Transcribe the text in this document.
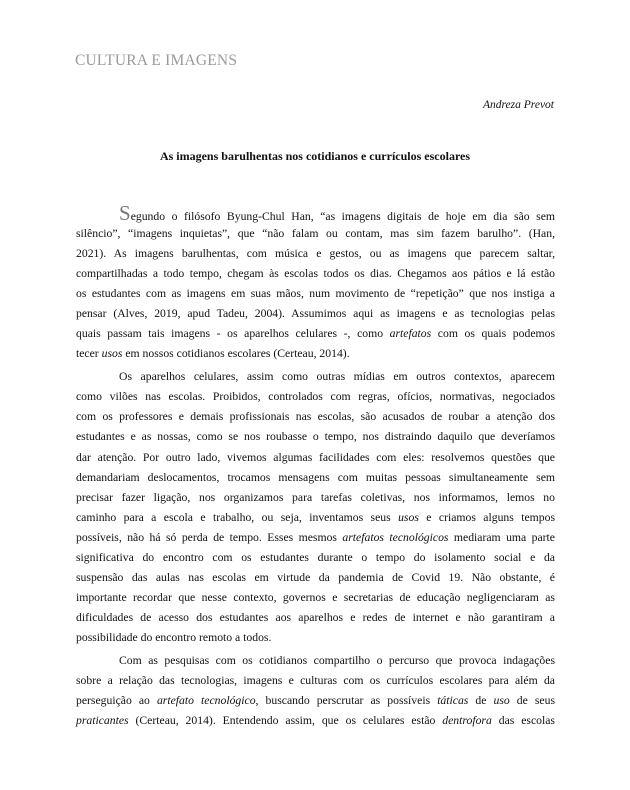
CULTURA E IMAGENS
Andreza Prevot
As imagens barulhentas nos cotidianos e currículos escolares
Segundo o filósofo Byung-Chul Han, “as imagens digitais de hoje em dia são sem
silêncio”, “imagens inquietas”, que “não falam ou contam, mas sim fazem barulho”. (Han,
2021). As imagens barulhentas, com música e gestos, ou as imagens que parecem saltar,
compartilhadas a todo tempo, chegam às escolas todos os dias. Chegamos aos pátios e lá estão
os estudantes com as imagens em suas mãos, num movimento de “repetição” que nos instiga a
pensar (Alves, 2019, apud Tadeu, 2004). Assumimos aqui as imagens e as tecnologias pelas
quais passam tais imagens - os aparelhos celulares -, como artefatos com os quais podemos
tecer usos em nossos cotidianos escolares (Certeau, 2014).
Os aparelhos celulares, assim como outras mídias em outros contextos, aparecem
como vilões nas escolas. Proibidos, controlados com regras, ofícios, normativas, negociados
com os professores e demais profissionais nas escolas, são acusados de roubar a atenção dos
estudantes e as nossas, como se nos roubasse o tempo, nos distraindo daquilo que deveríamos
dar atenção. Por outro lado, vivemos algumas facilidades com eles: resolvemos questões que
demandariam deslocamentos, trocamos mensagens com muitas pessoas simultaneamente sem
precisar fazer ligação, nos organizamos para tarefas coletivas, nos informamos, lemos no
caminho para a escola e trabalho, ou seja, inventamos seus usos e criamos alguns tempos
possíveis, não há só perda de tempo. Esses mesmos artefatos tecnológicos mediaram uma parte
significativa do encontro com os estudantes durante o tempo do isolamento social e da
suspensão das aulas nas escolas em virtude da pandemia de Covid 19. Não obstante, é
importante recordar que nesse contexto, governos e secretarias de educação negligenciaram as
dificuldades de acesso dos estudantes aos aparelhos e redes de internet e não garantiram a
possibilidade do encontro remoto a todos.
Com as pesquisas com os cotidianos compartilho o percurso que provoca indagações
sobre a relação das tecnologias, imagens e culturas com os currículos escolares para além da
perseguição ao artefato tecnológico, buscando perscrutar as possíveis táticas de uso de seus
praticantes (Certeau, 2014). Entendendo assim, que os celulares estão dentrofora das escolas
